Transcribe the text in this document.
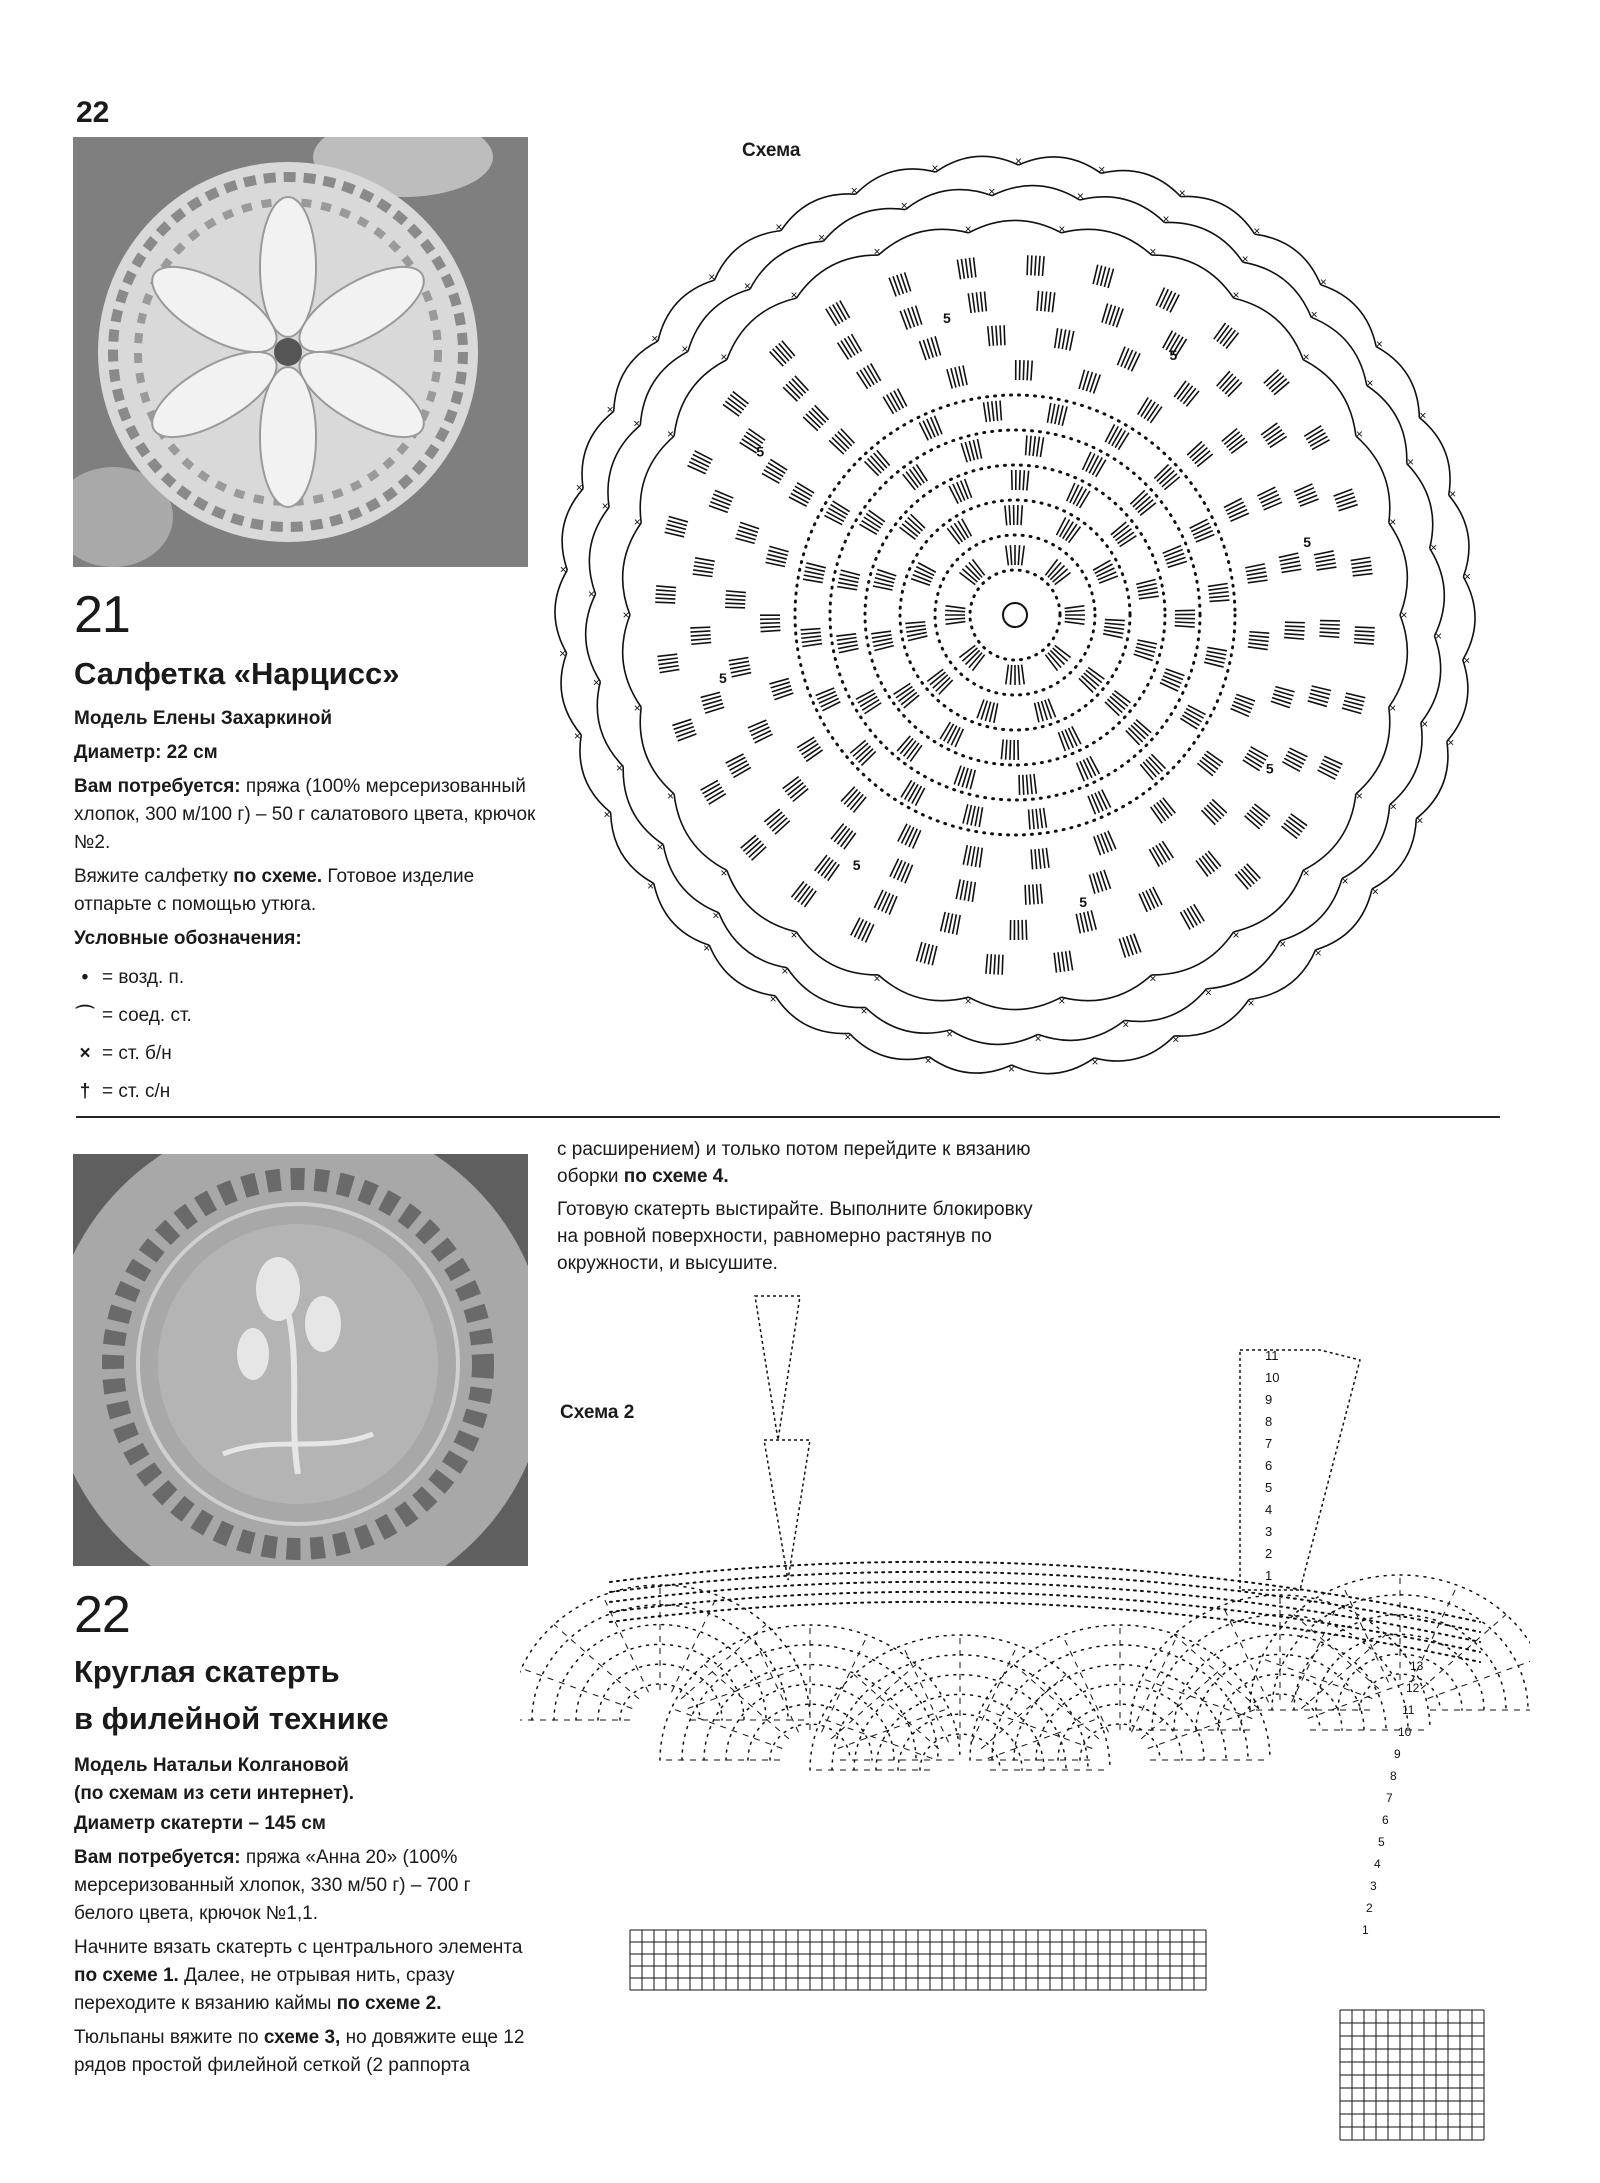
22
21
Салфетка «Нарцисс»

Модель Елены Захаркиной

Диаметр: 22 см

Вам потребуется: пряжа (100% мерсеризованный хлопок, 300 м/100 г) – 50 г салатового цвета, крючок №2.

Вяжите салфетку по схеме. Готовое изделие отпарьте с помощью утюга.

Условные обозначения:

• = возд. п.
⌒ = соед. ст.
× = ст. б/н
† = ст. с/н
Схема
×
×
×
×
×
×
×
×
×
×
×
×
×
×
×
×
×
×
×
×	×
×
×
×
×
×
×
×
×
×
×
×
×
×
×
×
×
×
×
×
×
×
×
×
×
×
×
×
×	×
×
×
×
×
×
×
×
×
×
×
×
×
×
×
×
×
×
×
×
×
×
×
×
×
×
×
×
×
×
×
×
×
×
×
×
×
×
×
×
×
5
5
5
5
5
5
5
5
22
Круглая скатерть
в филейной технике

Модель Натальи Колгановой
(по схемам из сети интернет).

Диаметр скатерти – 145 см

Вам потребуется: пряжа «Анна 20» (100% мерсеризованный хлопок, 330 м/50 г) – 700 г белого цвета, крючок №1,1.

Начните вязать скатерть с центрального элемента по схеме 1. Далее, не отрывая нить, сразу переходите к вязанию каймы по схеме 2.

Тюльпаны вяжите по схеме 3, но довяжите еще 12 рядов простой филейной сеткой (2 раппорта

с расширением) и только потом перейдите к вязанию оборки по схеме 4.

Готовую скатерть выстирайте. Выполните блокировку на ровной поверхности, равномерно растянув по окружности, и высушите.

Схема 2
1
2
3
4
5
6
7
8
9
10
11
13
12
11
10
9
8
7
6
5
4
3
2
1
